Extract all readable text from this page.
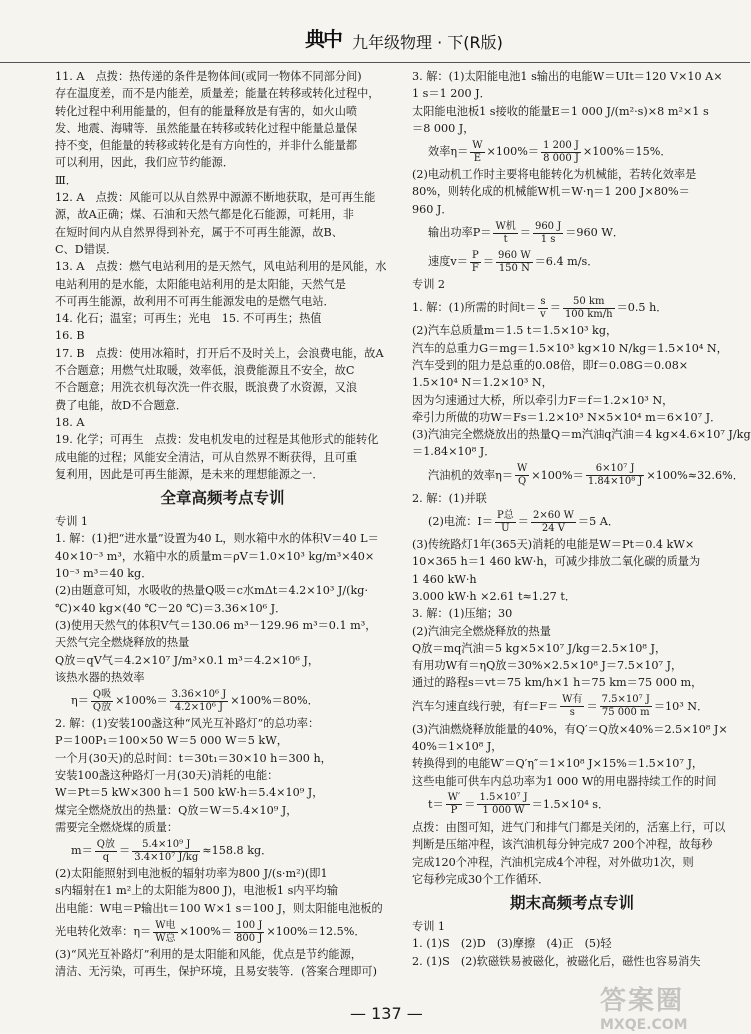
典中 九年级物理 · 下(R版)
11. A　点拨：热传递的条件是物体间(或同一物体不同部分间)
存在温度差，而不是内能差，质量差；能量在转移或转化过程中，
转化过程中利用能量的，但有的能量释放是有害的，如火山喷
发、地震、海啸等．虽然能量在转移或转化过程中能量总量保
持不变，但能量的转移或转化是有方向性的，并非什么能量都
可以利用，因此，我们应节约能源．
Ⅲ．
12. A　点拨：风能可以从自然界中源源不断地获取，是可再生能
源，故A正确；煤、石油和天然气都是化石能源，可耗用，非
在短时间内从自然界得到补充，属于不可再生能源，故B、
C、D错误．
13. A　点拨：燃气电站利用的是天然气，风电站利用的是风能，水
电站利用的是水能，太阳能电站利用的是太阳能，天然气是
不可再生能源，故利用不可再生能源发电的是燃气电站．
14. 化石；温室；可再生；光电　15. 不可再生；热值
16. B
17. B　点拨：使用冰箱时，打开后不及时关上，会浪费电能，故A
不合题意；用燃气灶取暖，效率低，浪费能源且不安全，故C
不合题意；用洗衣机每次洗一件衣服，既浪费了水资源，又浪
费了电能，故D不合题意．
18. A
19. 化学；可再生　点拨：发电机发电的过程是其他形式的能转化
成电能的过程；风能安全清洁，可从自然界不断获得，且可重
复利用，因此是可再生能源，是未来的理想能源之一．
全章高频考点专训
专训 1
1. 解：(1)把“进水量”设置为40 L，则水箱中水的体积V＝40 L＝
40×10⁻³ m³，水箱中水的质量m＝ρV＝1.0×10³ kg/m³×40×
10⁻³ m³＝40 kg．
(2)由题意可知，水吸收的热量Q吸＝c水mΔt＝4.2×10³ J/(kg·
℃)×40 kg×(40 ℃－20 ℃)＝3.36×10⁶ J．
(3)使用天然气的体积V气＝130.06 m³－129.96 m³＝0.1 m³，
天然气完全燃烧释放的热量
Q放＝qV气＝4.2×10⁷ J/m³×0.1 m³＝4.2×10⁶ J，
该热水器的热效率
$\eta= \frac{\text{Q吸}}{\text{Q放}} \times 100\%= \frac{\text{3.36×10⁶ J}}{\text{4.2×10⁶ J}} \times 100\%=80\%$．
2. 解：(1)安装100盏这种“风光互补路灯”的总功率：
P＝100P₁＝100×50 W＝5 000 W＝5 kW，
一个月(30天)的总时间：t＝30t₁＝30×10 h＝300 h，
安装100盏这种路灯一月(30天)消耗的电能：
W＝Pt＝5 kW×300 h＝1 500 kW·h＝5.4×10⁹ J，
煤完全燃烧放出的热量：Q放＝W＝5.4×10⁹ J，
需要完全燃烧煤的质量：
$m= \frac{\text{Q放}}{q} = \frac{\text{5.4×10⁹ J}}{\text{3.4×10⁷ J/kg}} \approx 158.8$ kg．
(2)太阳能照射到电池板的辐射功率为800 J/(s·m²)(即1
s内辐射在1 m²上的太阳能为800 J)，电池板1 s内平均输
出电能：W电＝P输出t＝100 W×1 s＝100 J，则太阳能电池板的
光电转化效率：$\eta= \frac{\text{W电}}{\text{W总}} \times 100\%= \frac{100 J}{800 J} \times 100\%=12.5\%$．
(3)“风光互补路灯”利用的是太阳能和风能，优点是节约能源，
清洁、无污染，可再生，保护环境，且易安装等．(答案合理即可)
3. 解：(1)太阳能电池1 s输出的电能W＝UIt＝120 V×10 A×
1 s＝1 200 J．
太阳能电池板1 s接收的能量E＝1 000 J/(m²·s)×8 m²×1 s
＝8 000 J，
效率$\eta= \frac{W}{E} \times 100\%= \frac{1 200 J}{8 000 J} \times 100\%=15\%$．
(2)电动机工作时主要将电能转化为机械能，若转化效率是
80%，则转化成的机械能W机＝W·η＝1 200 J×80%＝
960 J．
输出功率$P= \frac{\text{W机}}{t} = \frac{960 J}{1 s} =960$ W．
速度$v= \frac{P}{F} = \frac{960 W}{150 N} =6.4$ m/s．
专训 2
1. 解：(1)所需的时间$t= \frac{s}{v} = \frac{50 km}{100 km/h} =0.5$ h．
(2)汽车总质量m＝1.5 t＝1.5×10³ kg，
汽车的总重力G＝mg＝1.5×10³ kg×10 N/kg＝1.5×10⁴ N，
汽车受到的阻力是总重的0.08倍，即f＝0.08G＝0.08×
1.5×10⁴ N＝1.2×10³ N，
因为匀速通过大桥，所以牵引力F＝f＝1.2×10³ N，
牵引力所做的功W＝Fs＝1.2×10³ N×5×10⁴ m＝6×10⁷ J．
(3)汽油完全燃烧放出的热量Q＝m汽油q汽油＝4 kg×4.6×10⁷ J/kg
＝1.84×10⁸ J．
汽油机的效率$\eta= \frac{W}{Q} \times 100\%= \frac{\text{6×10⁷ J}}{\text{1.84×10⁸ J}} \times 100\%\approx 32.6\%$．
2. 解：(1)并联
(2)电流：$I= \frac{\text{P总}}{U} = \frac{2\times 60 W}{24 V} =5$ A．
(3)传统路灯1年(365天)消耗的电能是W＝Pt＝0.4 kW×
10×365 h＝1 460 kW·h，可减少排放二氧化碳的质量为
1 460 kW·h
3.000 kW·h ×2.61 t≈1.27 t．
3. 解：(1)压缩；30
(2)汽油完全燃烧释放的热量
Q放＝mq汽油＝5 kg×5×10⁷ J/kg＝2.5×10⁸ J，
有用功W有＝ηQ放＝30%×2.5×10⁸ J＝7.5×10⁷ J，
通过的路程s＝vt＝75 km/h×1 h＝75 km＝75 000 m，
汽车匀速直线行驶，有$f=F= \frac{\text{W有}}{s} = \frac{\text{7.5×10⁷ J}}{75 000 m} =10^3$ N．
(3)汽油燃烧释放能量的40%，有Q′＝Q放×40%＝2.5×10⁸ J×
40%＝1×10⁸ J，
转换得到的电能W′＝Q′η″＝1×10⁸ J×15%＝1.5×10⁷ J，
这些电能可供车内总功率为1 000 W的用电器持续工作的时间
$t= \frac{W'}{P} = \frac{\text{1.5×10⁷ J}}{1 000 W} =1.5\times 10^4$ s．
点拨：由图可知，进气门和排气门都是关闭的，活塞上行，可以
判断是压缩冲程，该汽油机每分钟完成7 200个冲程，故每秒
完成120个冲程，汽油机完成4个冲程，对外做功1次，则
它每秒完成30个工作循环．
期末高频考点专训
专训 1
1. (1)S　(2)D　(3)摩擦　(4)正　(5)轻
2. (1)S　(2)软磁铁易被磁化，被磁化后，磁性也容易消失
— 137 —	答案圈
MXQE.COM
